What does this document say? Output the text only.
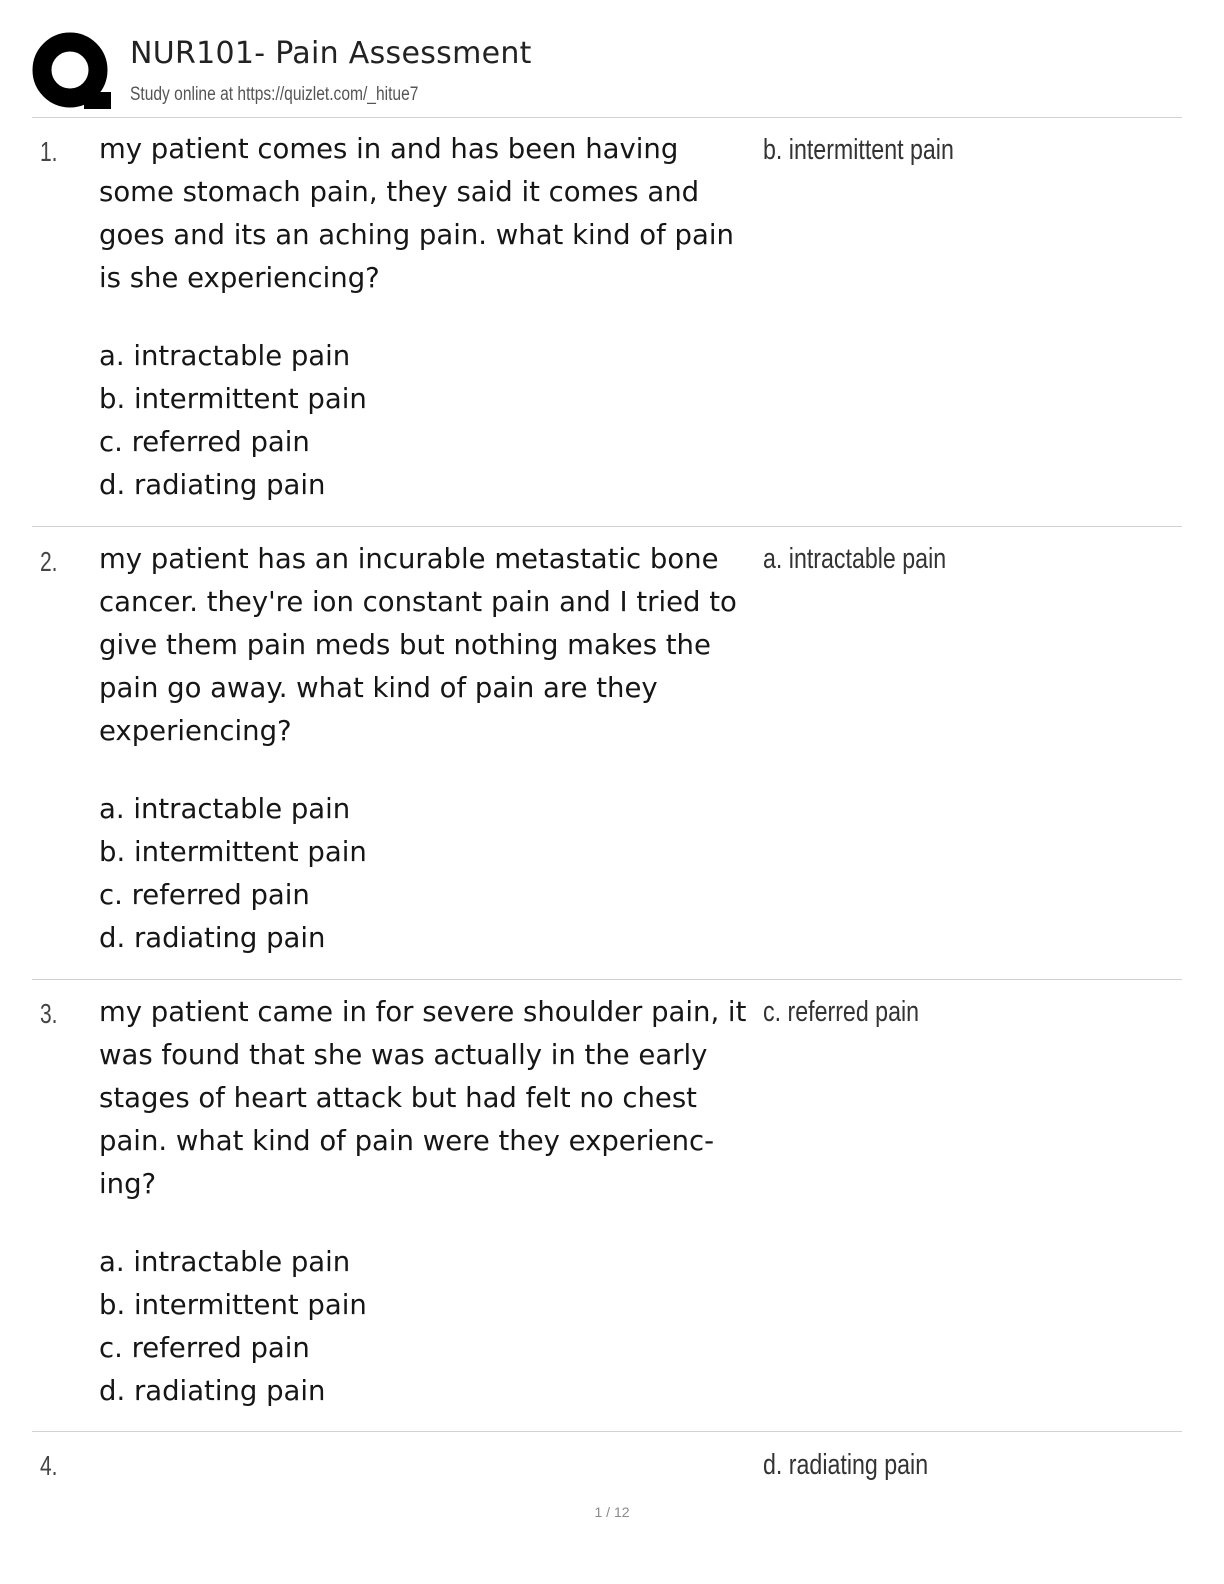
NUR101- Pain Assessment
Study online at https://quizlet.com/_hitue7
1. my patient comes in and has been having some stomach pain, they said it comes and goes and its an aching pain. what kind of pain is she experiencing?

a. intractable pain
b. intermittent pain
c. referred pain
d. radiating pain
b. intermittent pain
2. my patient has an incurable metastatic bone cancer. they're ion constant pain and I tried to give them pain meds but nothing makes the pain go away. what kind of pain are they experiencing?

a. intractable pain
b. intermittent pain
c. referred pain
d. radiating pain
a. intractable pain
3. my patient came in for severe shoulder pain, it was found that she was actually in the early stages of heart attack but had felt no chest pain. what kind of pain were they experienc-ing?

a. intractable pain
b. intermittent pain
c. referred pain
d. radiating pain
c. referred pain
4.	d. radiating pain
1 / 12
